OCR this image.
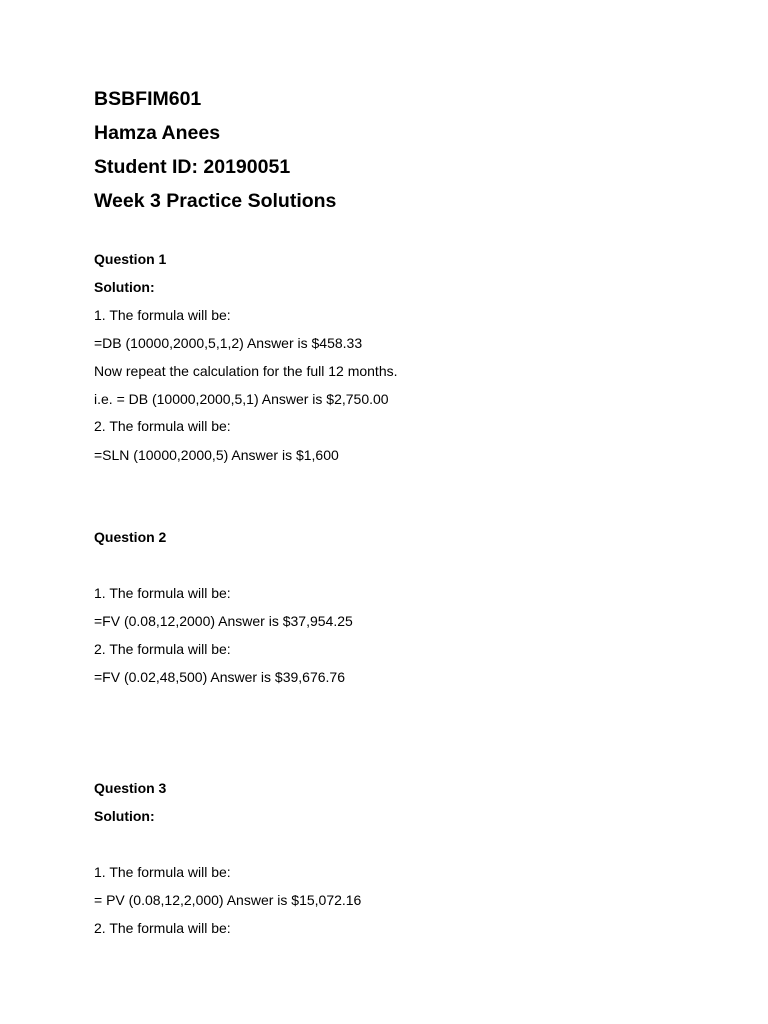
BSBFIM601
Hamza Anees
Student ID: 20190051
Week 3 Practice Solutions
Question 1
Solution:
1. The formula will be:
=DB (10000,2000,5,1,2) Answer is $458.33
Now repeat the calculation for the full 12 months.
i.e. = DB (10000,2000,5,1) Answer is $2,750.00
2. The formula will be:
=SLN (10000,2000,5) Answer is $1,600
Question 2
1. The formula will be:
=FV (0.08,12,2000) Answer is $37,954.25
2. The formula will be:
=FV (0.02,48,500) Answer is $39,676.76
Question 3
Solution:
1. The formula will be:
= PV (0.08,12,2,000) Answer is $15,072.16
2. The formula will be:
